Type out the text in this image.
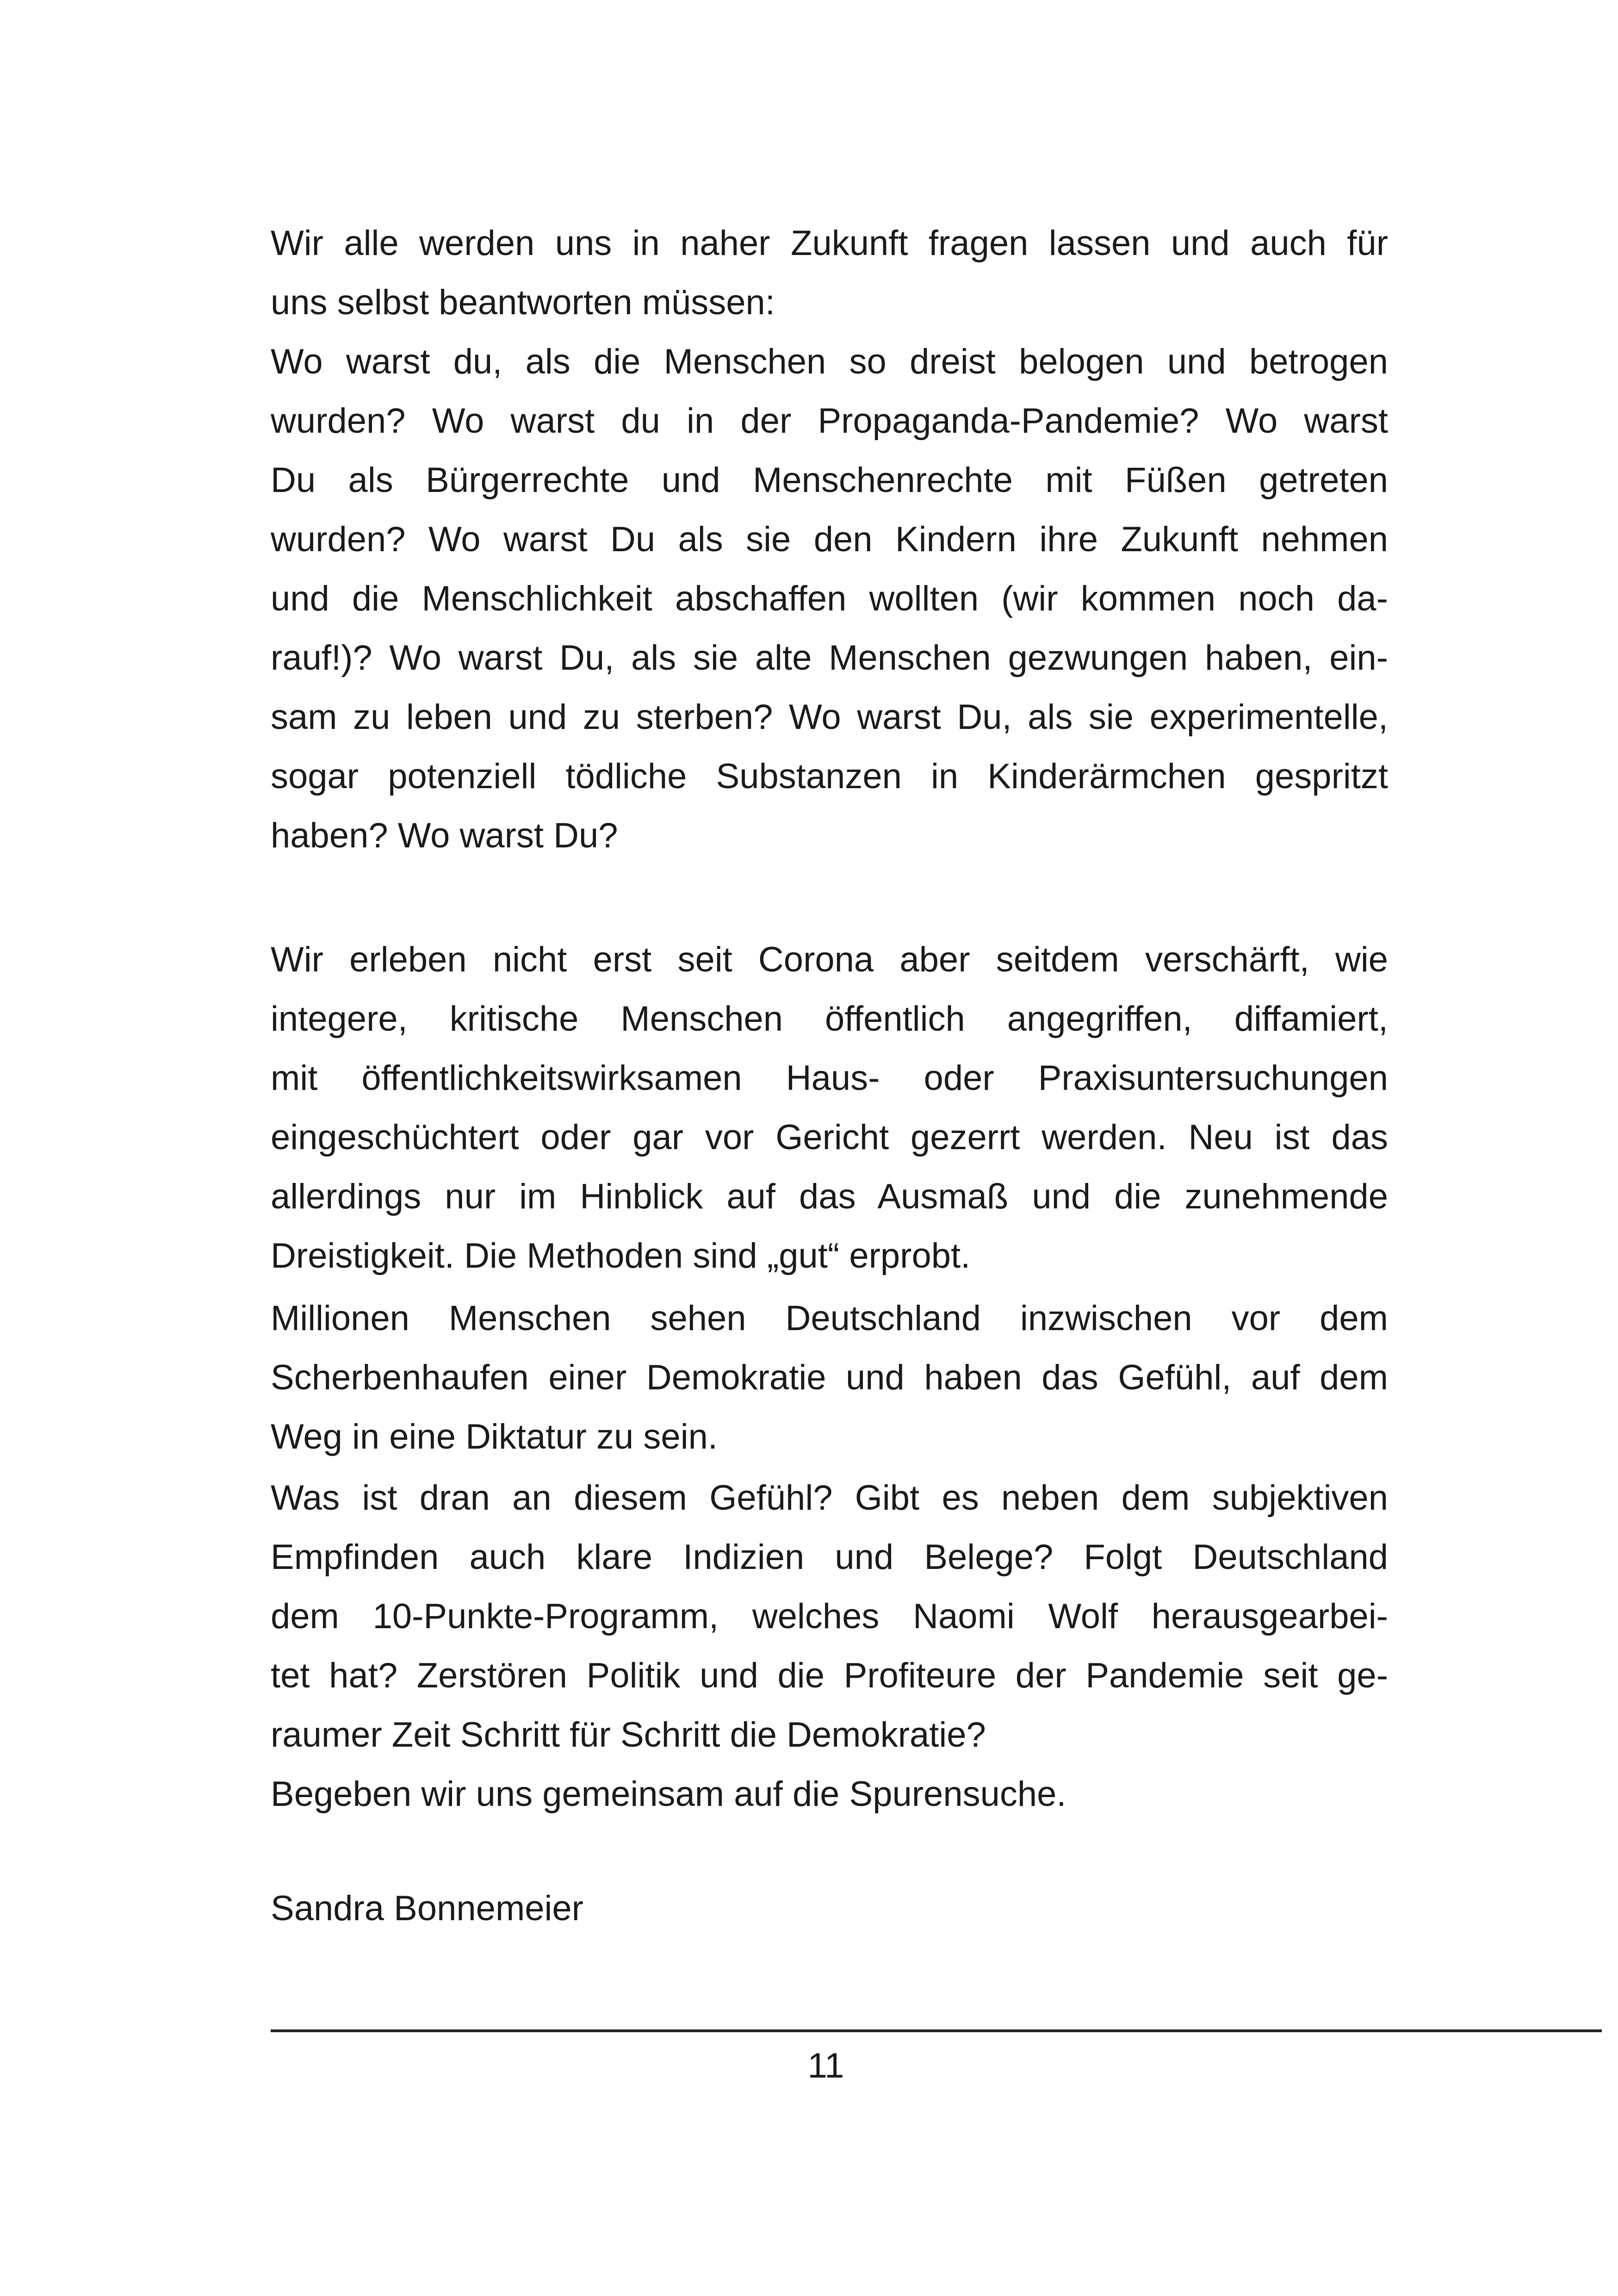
Wir alle werden uns in naher Zukunft fragen lassen und auch für
uns selbst beantworten müssen:
Wo warst du, als die Menschen so dreist belogen und betrogen
wurden? Wo warst du in der Propaganda-Pandemie? Wo warst
Du als Bürgerrechte und Menschenrechte mit Füßen getreten
wurden? Wo warst Du als sie den Kindern ihre Zukunft nehmen
und die Menschlichkeit abschaffen wollten (wir kommen noch da-
rauf!)? Wo warst Du, als sie alte Menschen gezwungen haben, ein-
sam zu leben und zu sterben? Wo warst Du, als sie experimentelle,
sogar potenziell tödliche Substanzen in Kinderärmchen gespritzt
haben? Wo warst Du?
Wir erleben nicht erst seit Corona aber seitdem verschärft, wie
integere, kritische Menschen öffentlich angegriffen, diffamiert,
mit öffentlichkeitswirksamen Haus- oder Praxisuntersuchungen
eingeschüchtert oder gar vor Gericht gezerrt werden. Neu ist das
allerdings nur im Hinblick auf das Ausmaß und die zunehmende
Dreistigkeit. Die Methoden sind „gut“ erprobt.
Millionen Menschen sehen Deutschland inzwischen vor dem
Scherbenhaufen einer Demokratie und haben das Gefühl, auf dem
Weg in eine Diktatur zu sein.
Was ist dran an diesem Gefühl? Gibt es neben dem subjektiven
Empfinden auch klare Indizien und Belege? Folgt Deutschland
dem 10-Punkte-Programm, welches Naomi Wolf herausgearbei-
tet hat? Zerstören Politik und die Profiteure der Pandemie seit ge-
raumer Zeit Schritt für Schritt die Demokratie?
Begeben wir uns gemeinsam auf die Spurensuche.
Sandra Bonnemeier
11
